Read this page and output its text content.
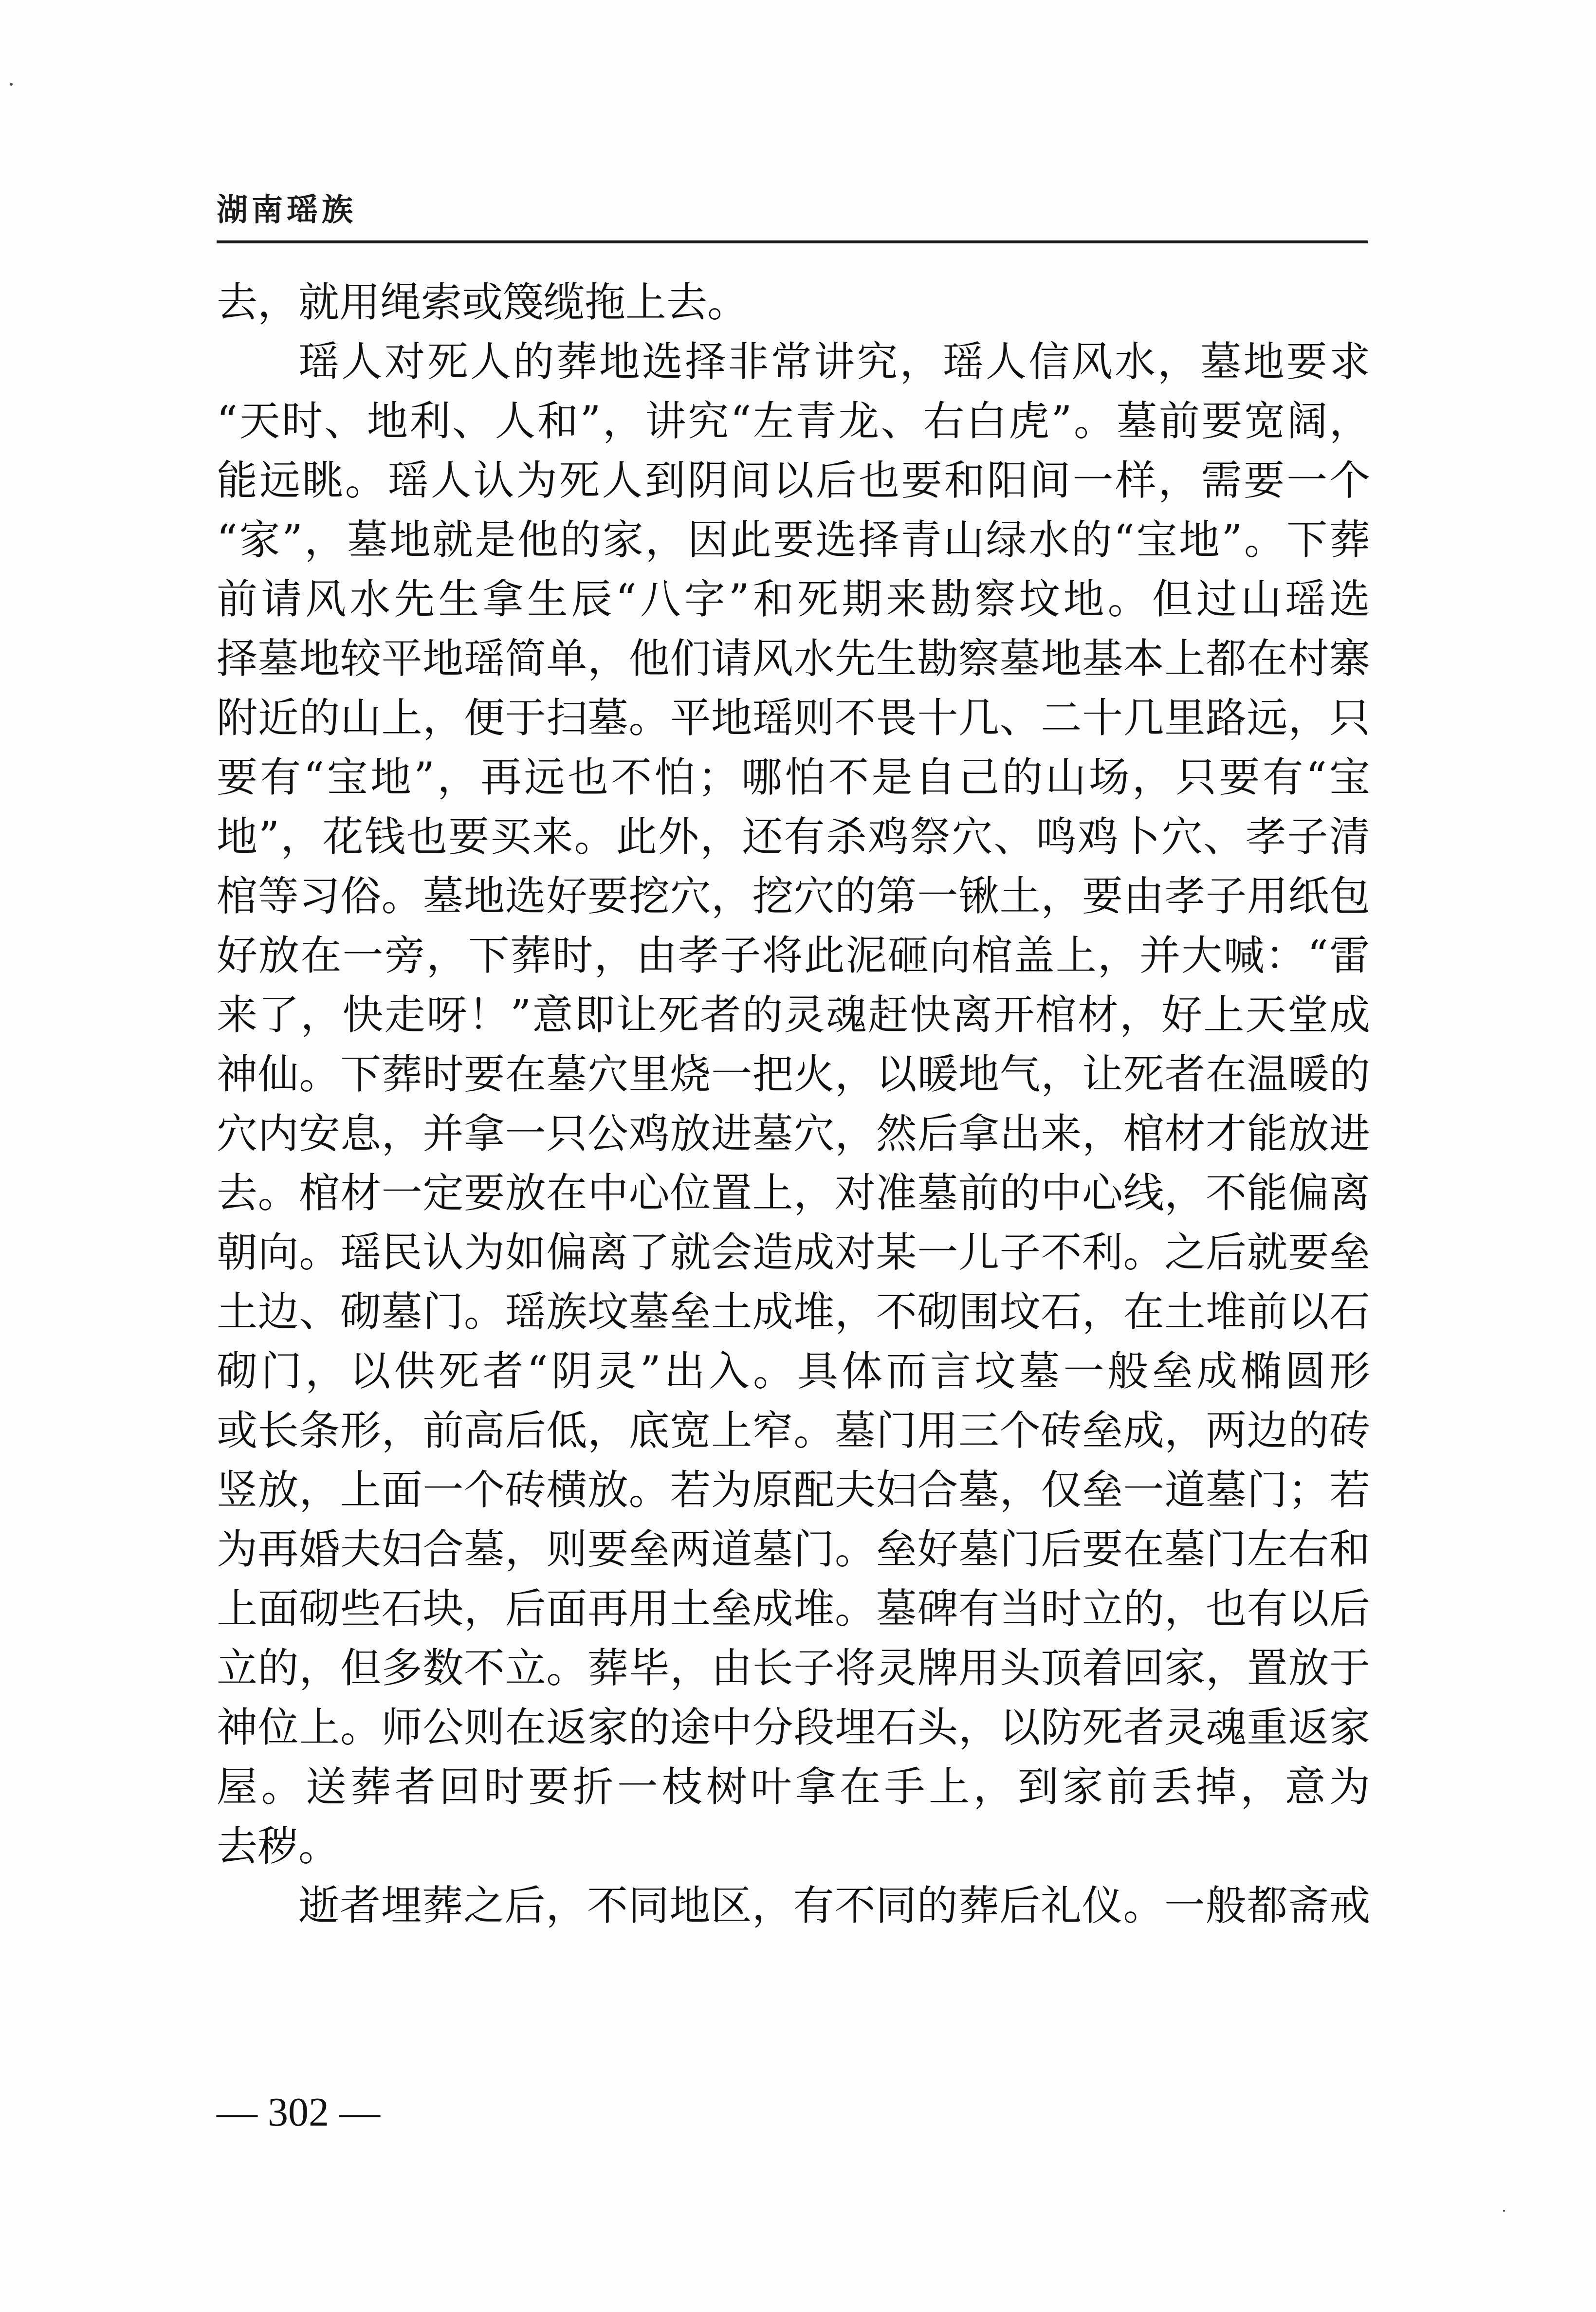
湖南瑶族
去，就用绳索或篾缆拖上去。
瑶人对死人的葬地选择非常讲究，瑶人信风水，墓地要求
“天时、地利、人和”，讲究“左青龙、右白虎”。墓前要宽阔，
能远眺。瑶人认为死人到阴间以后也要和阳间一样，需要一个
“家”，墓地就是他的家，因此要选择青山绿水的“宝地”。下葬
前请风水先生拿生辰“八字”和死期来勘察坟地。但过山瑶选
择墓地较平地瑶简单，他们请风水先生勘察墓地基本上都在村寨
附近的山上，便于扫墓。平地瑶则不畏十几、二十几里路远，只
要有“宝地”，再远也不怕；哪怕不是自己的山场，只要有“宝
地”，花钱也要买来。此外，还有杀鸡祭穴、鸣鸡卜穴、孝子清
棺等习俗。墓地选好要挖穴，挖穴的第一锹土，要由孝子用纸包
好放在一旁，下葬时，由孝子将此泥砸向棺盖上，并大喊：“雷
来了，快走呀！”意即让死者的灵魂赶快离开棺材，好上天堂成
神仙。下葬时要在墓穴里烧一把火，以暖地气，让死者在温暖的
穴内安息，并拿一只公鸡放进墓穴，然后拿出来，棺材才能放进
去。棺材一定要放在中心位置上，对准墓前的中心线，不能偏离
朝向。瑶民认为如偏离了就会造成对某一儿子不利。之后就要垒
土边、砌墓门。瑶族坟墓垒土成堆，不砌围坟石，在土堆前以石
砌门，以供死者“阴灵”出入。具体而言坟墓一般垒成椭圆形
或长条形，前高后低，底宽上窄。墓门用三个砖垒成，两边的砖
竖放，上面一个砖横放。若为原配夫妇合墓，仅垒一道墓门；若
为再婚夫妇合墓，则要垒两道墓门。垒好墓门后要在墓门左右和
上面砌些石块，后面再用土垒成堆。墓碑有当时立的，也有以后
立的，但多数不立。葬毕，由长子将灵牌用头顶着回家，置放于
神位上。师公则在返家的途中分段埋石头，以防死者灵魂重返家
屋。送葬者回时要折一枝树叶拿在手上，到家前丢掉，意为
去秽。
逝者埋葬之后，不同地区，有不同的葬后礼仪。一般都斋戒
— 302 —
